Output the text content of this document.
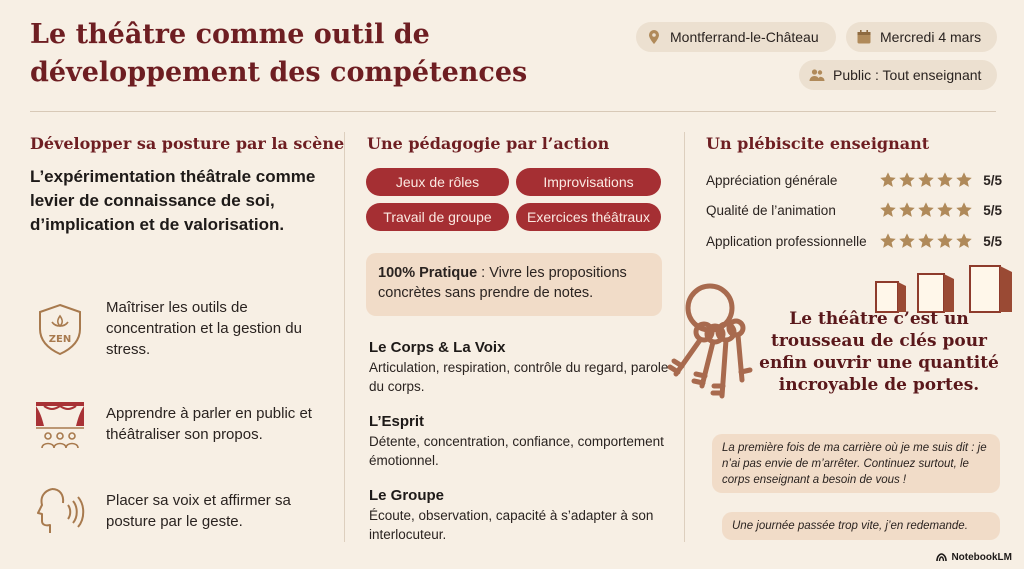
Le théâtre comme outil de développement des compétences
Montferrand-le-Château	Mercredi 4 mars
Public : Tout enseignant
Développer sa posture par la scène
L’expérimentation théâtrale comme levier de connaissance de soi, d’implication et de valorisation.
ZEN
Maîtriser les outils de concentration et la gestion du stress.
Apprendre à parler en public et théâtraliser son propos.
Placer sa voix et affirmer sa posture par le geste.
Une pédagogie par l’action
Jeux de rôles	Improvisations
Travail de groupe	Exercices théâtraux
100% Pratique : Vivre les propositions concrètes sans prendre de notes.
Le Corps & La Voix
Articulation, respiration, contrôle du regard, parole du corps.
L’Esprit
Détente, concentration, confiance, comportement émotionnel.
Le Groupe
Écoute, observation, capacité à s’adapter à son interlocuteur.
Un plébiscite enseignant
Appréciation générale	5/5
Qualité de l’animation	5/5
Application professionnelle	5/5
Le théâtre c’est un trousseau de clés pour enfin ouvrir une quantité incroyable de portes.
La première fois de ma carrière où je me suis dit : je n’ai pas envie de m’arrêter. Continuez surtout, le corps enseignant a besoin de vous !
Une journée passée trop vite, j’en redemande.
NotebookLM
